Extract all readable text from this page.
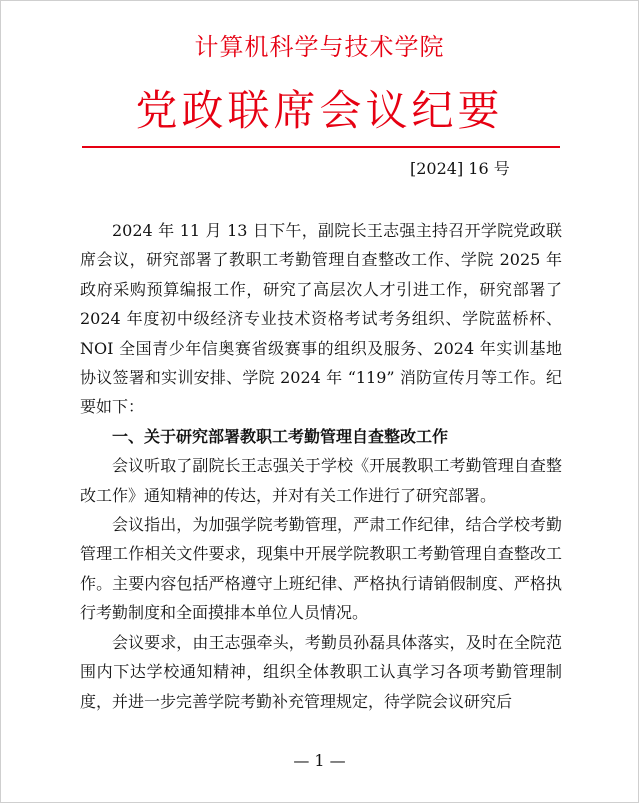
计算机科学与技术学院
党政联席会议纪要
[2024] 16 号

2024 年 11 月 13 日下午，副院长王志强主持召开学院党政联席会议，研究部署了教职工考勤管理自查整改工作、学院 2025 年政府采购预算编报工作，研究了高层次人才引进工作，研究部署了 2024 年度初中级经济专业技术资格考试考务组织、学院蓝桥杯、NOI 全国青少年信奥赛省级赛事的组织及服务、2024 年实训基地协议签署和实训安排、学院 2024 年 “119” 消防宣传月等工作。纪要如下：

一、关于研究部署教职工考勤管理自查整改工作

会议听取了副院长王志强关于学校《开展教职工考勤管理自查整改工作》通知精神的传达，并对有关工作进行了研究部署。

会议指出，为加强学院考勤管理，严肃工作纪律，结合学校考勤管理工作相关文件要求，现集中开展学院教职工考勤管理自查整改工作。主要内容包括严格遵守上班纪律、严格执行请销假制度、严格执行考勤制度和全面摸排本单位人员情况。

会议要求，由王志强牵头，考勤员孙磊具体落实，及时在全院范围内下达学校通知精神，组织全体教职工认真学习各项考勤管理制度，并进一步完善学院考勤补充管理规定，待学院会议研究后

— 1 —
